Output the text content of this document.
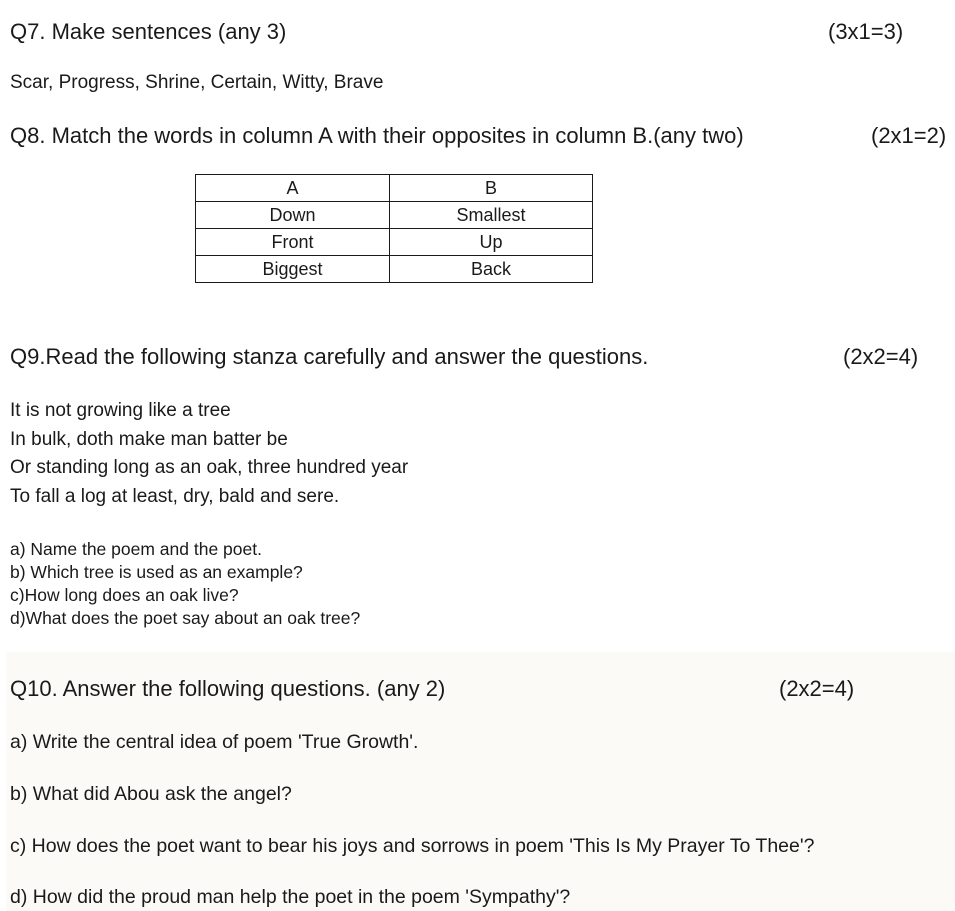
Q7. Make sentences (any 3)	(3x1=3)
Scar, Progress, Shrine, Certain, Witty, Brave
Q8. Match the words in column A with their opposites in column B.(any two)	(2x1=2)
A	B
Down	Smallest
Front	Up
Biggest	Back
Q9.Read the following stanza carefully and answer the questions.	(2x2=4)
It is not growing like a tree
In bulk, doth make man batter be
Or standing long as an oak, three hundred year
To fall a log at least, dry, bald and sere.
a) Name the poem and the poet.
b) Which tree is used as an example?
c)How long does an oak live?
d)What does the poet say about an oak tree?
Q10. Answer the following questions. (any 2)	(2x2=4)
a) Write the central idea of poem 'True Growth'.
b) What did Abou ask the angel?
c) How does the poet want to bear his joys and sorrows in poem 'This Is My Prayer To Thee'?
d) How did the proud man help the poet in the poem 'Sympathy'?
